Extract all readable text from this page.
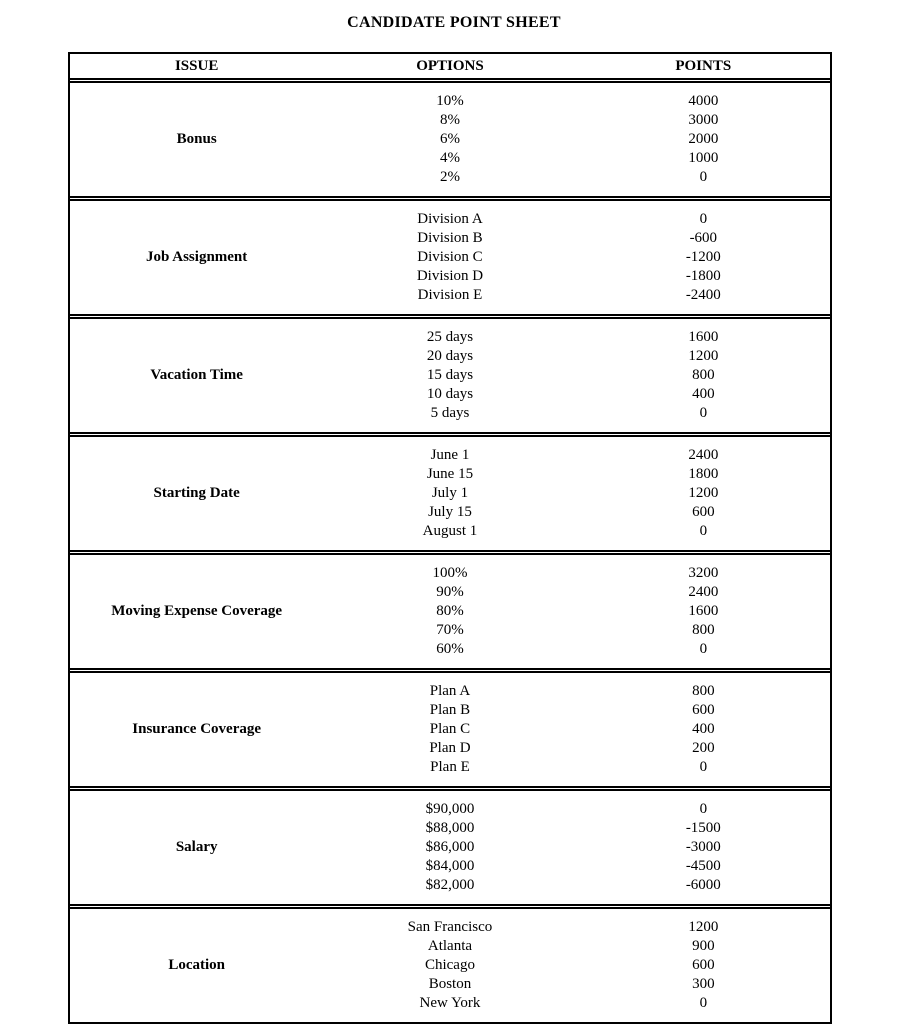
CANDIDATE POINT SHEET
ISSUE	OPTIONS	POINTS
Bonus
10%	4000
8%	3000
6%	2000
4%	1000
2%	0
Job Assignment
Division A	0
Division B	-600
Division C	-1200
Division D	-1800
Division E	-2400
Vacation Time
25 days	1600
20 days	1200
15 days	800
10 days	400
5 days	0
Starting Date
June 1	2400
June 15	1800
July 1	1200
July 15	600
August 1	0
Moving Expense Coverage
100%	3200
90%	2400
80%	1600
70%	800
60%	0
Insurance Coverage
Plan A	800
Plan B	600
Plan C	400
Plan D	200
Plan E	0
Salary
$90,000	0
$88,000	-1500
$86,000	-3000
$84,000	-4500
$82,000	-6000
Location
San Francisco	1200
Atlanta	900
Chicago	600
Boston	300
New York	0
